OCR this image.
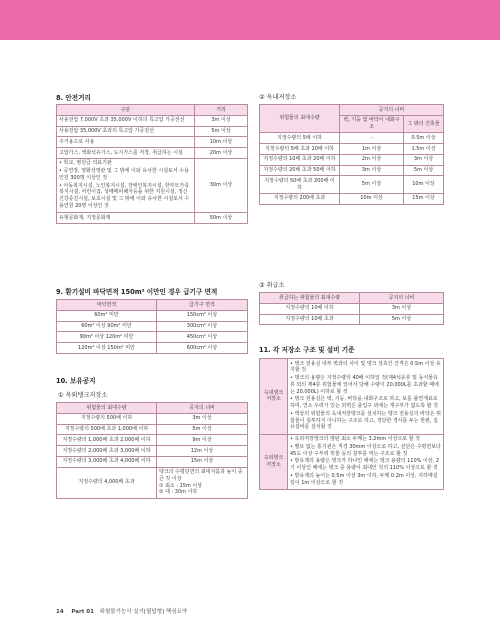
8. 안전거리
구분	거리
사용전압 7,000V 초과 35,000V 이하의 특고압 가공전선	3m 이상
사용전압 35,000V 초과의 특고압 가공전선	5m 이상
주거용으로 사용	10m 이상
고압가스, 액화석유가스, 도시가스를 저장, 취급하는 시설	20m 이상

• 학교, 병원급 의료기관
• 공연장, 영화상영관 및 그 밖에 이와 유사한 시설로서 수용인원 300명 이상인 것
• 아동복지시설, 노인복지시설, 장애인복지시설, 한부모가족복지시설, 어린이집, 성매매피해자등을 위한 지원시설, 정신건강증진시설, 보호시설 및 그 밖에 이와 유사한 시설로서 수용인원 20명 이상인 것	30m 이상
유형문화재, 지정문화재	50m 이상
9. 환기설비 바닥면적 150m² 이만인 경우 급기구 면적
바닥면적	급기구 면적
60m² 미만	150cm² 이상
60m² 이상 90m² 미만	300cm² 이상
90m² 이상 120m² 미만	450cm² 이상
120m² 이상 150m² 미만	600cm² 이상
10. 보유공지
① 옥외탱크저장소
위험물의 최대수량	공지의 너비
지정수량의 500배 이하	3m 이상
지정수량의 500배 초과 1,000배 이하	5m 이상
지정수량의 1,000배 초과 2,000배 이하	9m 이상
지정수량의 2,000배 초과 3,000배 이하	12m 이상
지정수량의 3,000배 초과 4,000배 이하	15m 이상
지정수량의 4,000배 초과	탱크의 수평단면의 최대지름과 높이 중 큰 것 이상
① 최소 : 15m 이상
② 대 : 30m 이하
② 옥내저장소
위험물의 최대수량	공지의 너비	
	벽, 기둥 및 바닥이 내화구조	그 밖의 건축물
지정수량의 5배 이하	-	0.5m 이상
지정수량의 5배 초과 10배 이하	1m 이상	1.5m 이상
지정수량의 10배 초과 20배 이하	2m 이상	3m 이상
지정수량의 20배 초과 50배 이하	3m 이상	5m 이상
지정수량의 50배 초과 200배 이하	5m 이상	10m 이상
지정수량의 200배 초과	10m 이상	15m 이상
③ 취급소
취급하는 위험물의 최대수량	공지의 너비
지정수량의 10배 이하	3m 이상
지정수량의 10배 초과	5m 이상
11. 각 저장소 구조 및 설비 기준
옥내탱크 저장소	• 탱크 전용실 내부 벽과의 사이 및 탱크 상호간 간격은 0.5m 이상 유지할 것
• 탱크의 용량은 지정수량의 40배 이하일 것(제4석유류 및 동식물유류 외의 제4류 위험물에 있어서 당해 수량이 20,000L를 초과할 때에는 20,000L) 이하로 할 것
• 탱크 전용실은 벽, 기둥, 바닥을 내화구조로 하고, 보를 불연재료로 하며, 연소 우려가 있는 외벽은 출입구 외에는 개구부가 없도록 할 것
• 액상의 위험물의 옥내저장탱크를 설치하는 탱크 전용실의 바닥은 위험물이 침투하지 아니하는 구조로 하고, 적당한 경사를 두는 한편, 집유설비를 설치할 것

옥외탱크 저장소	• 옥외저장탱크의 옆판 최소 두께는 3.2mm 이상으로 할 것
• 밸브 없는 통기관은 직경 30mm 이상으로 하고, 선단은 수평면보다 45도 이상 구부려 빗물 등의 침투를 막는 구조로 할 것
• 방유제의 용량은 탱크가 하나인 때에는 탱크 용량의 110% 이상, 2기 이상인 때에는 탱크 중 용량이 최대인 것의 110% 이상으로 할 것
• 방유제의 높이는 0.5m 이상 3m 이하, 두께 0.2m 이상, 지하매설깊이 1m 이상으로 할 것
14 Part 01 위험물기능사 실기[필답형] 핵심요약
